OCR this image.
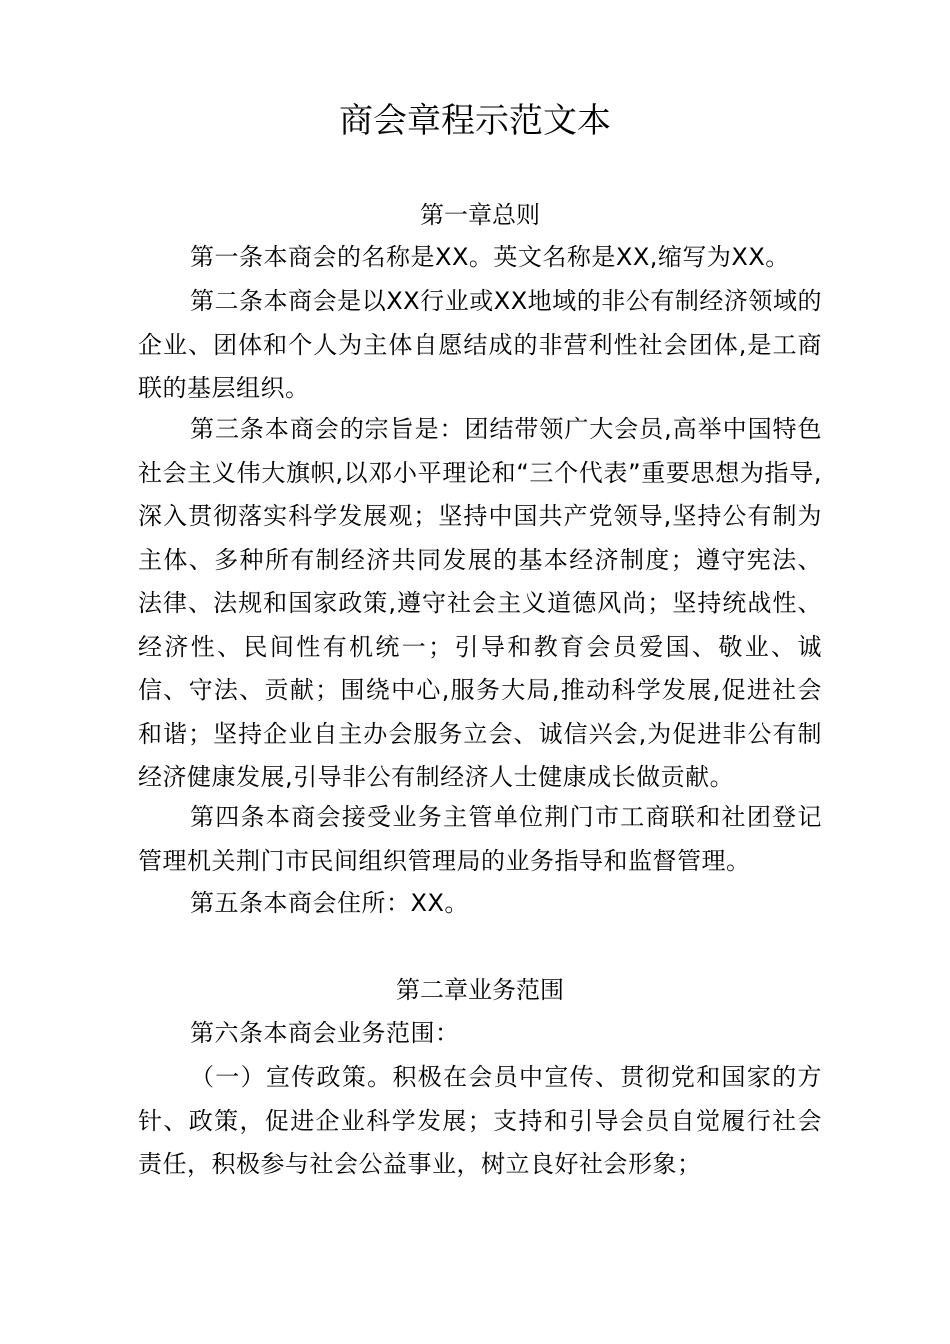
商会章程示范文本
第一章总则

第一条本商会的名称是XX。英文名称是XX,缩写为XX。

第二条本商会是以XX行业或XX地域的非公有制经济领域的企业、团体和个人为主体自愿结成的非营利性社会团体,是工商联的基层组织。

第三条本商会的宗旨是：团结带领广大会员,高举中国特色社会主义伟大旗帜,以邓小平理论和“三个代表”重要思想为指导,深入贯彻落实科学发展观；坚持中国共产党领导,坚持公有制为主体、多种所有制经济共同发展的基本经济制度；遵守宪法、法律、法规和国家政策,遵守社会主义道德风尚；坚持统战性、经济性、民间性有机统一；引导和教育会员爱国、敬业、诚信、守法、贡献；围绕中心,服务大局,推动科学发展,促进社会和谐；坚持企业自主办会服务立会、诚信兴会,为促进非公有制经济健康发展,引导非公有制经济人士健康成长做贡献。

第四条本商会接受业务主管单位荆门市工商联和社团登记管理机关荆门市民间组织管理局的业务指导和监督管理。

第五条本商会住所：XX。

第二章业务范围

第六条本商会业务范围：

（一）宣传政策。积极在会员中宣传、贯彻党和国家的方针、政策，促进企业科学发展；支持和引导会员自觉履行社会责任，积极参与社会公益事业，树立良好社会形象；
